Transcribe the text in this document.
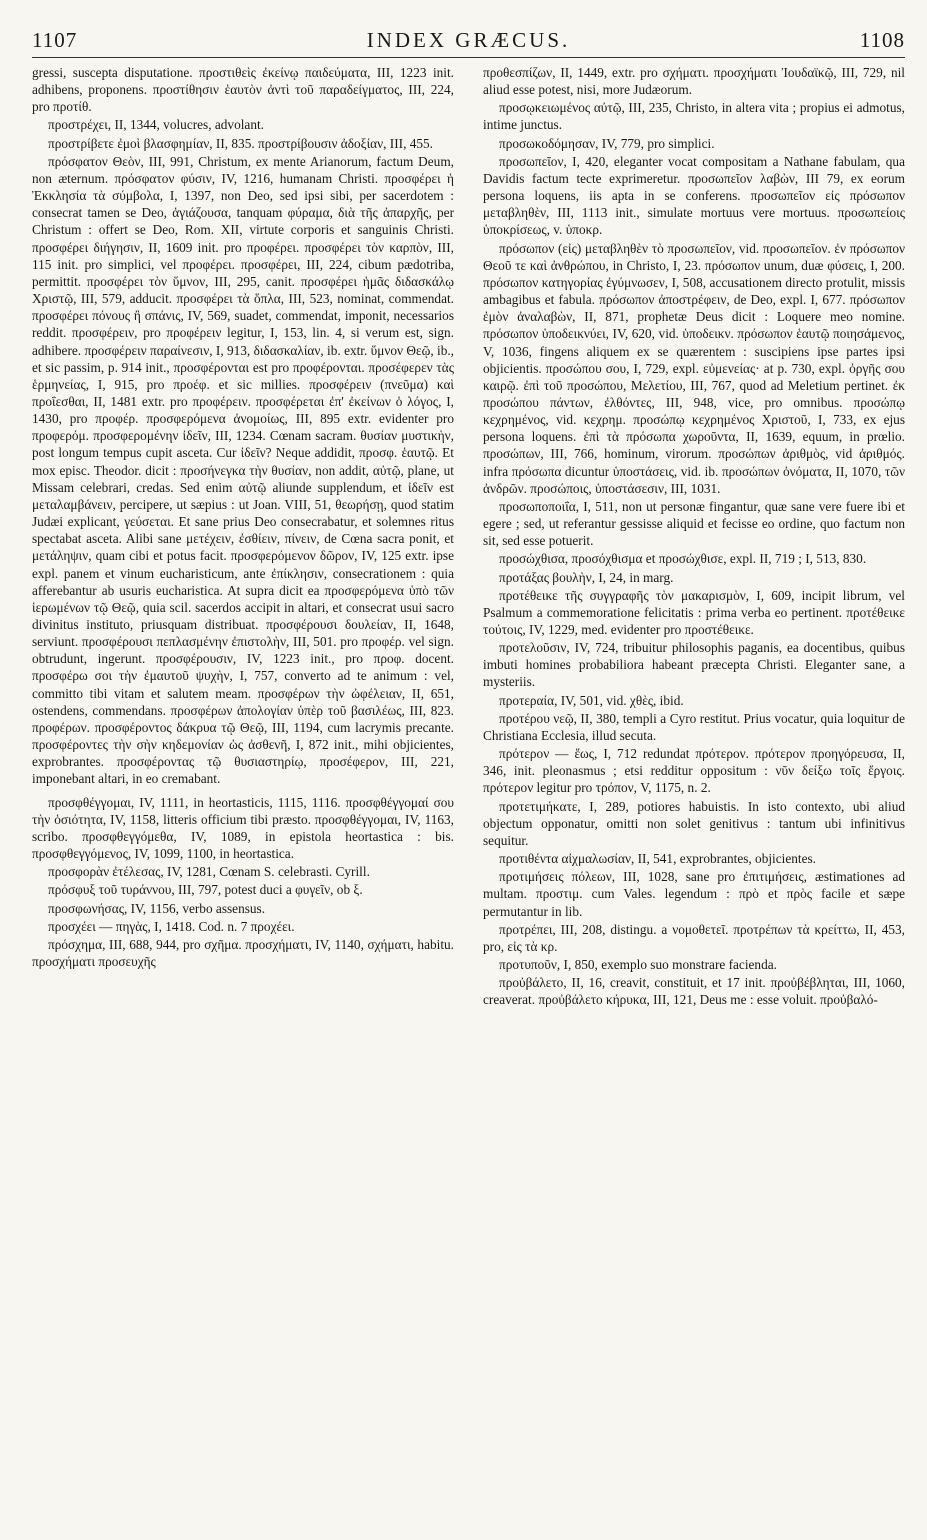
1107	INDEX GRÆCUS.	1108

gressi, suscepta disputatione. προστιθεὶς ἐκείνῳ παιδεύματα, III, 1223 init. adhibens, proponens. προστίθησιν ἑαυτὸν ἀντὶ τοῦ παραδείγματος, III, 224, pro προτίθ.

προστρέχει, II, 1344, volucres, advolant.

προστρίβετε ἐμοὶ βλασφημίαν, II, 835. προστρίβουσιν ἀδοξίαν, III, 455.

πρόσφατον Θεὸν, III, 991, Christum, ex mente Arianorum, factum Deum, non æternum. πρόσφατον φύσιν, IV, 1216, humanam Christi. προσφέρει ἡ Ἐκκλησία τὰ σύμβολα, I, 1397, non Deo, sed ipsi sibi, per sacerdotem : consecrat tamen se Deo, ἁγιάζουσα, tanquam φύραμα, διὰ τῆς ἀπαρχῆς, per Christum : offert se Deo, Rom. XII, virtute corporis et sanguinis Christi. προσφέρει διήγησιν, II, 1609 init. pro προφέρει. προσφέρει τὸν καρπὸν, III, 115 init. pro simplici, vel προφέρει. προσφέρει, III, 224, cibum pædotriba, permittit. προσφέρει τὸν ὕμνον, III, 295, canit. προσφέρει ἡμᾶς διδασκάλῳ Χριστῷ, III, 579, adducit. προσφέρει τὰ ὅπλα, III, 523, nominat, commendat. προσφέρει πόνους ἢ σπάνις, IV, 569, suadet, commendat, imponit, necessarios reddit. προσφέρειν, pro προφέρειν legitur, I, 153, lin. 4, si verum est, sign. adhibere. προσφέρειν παραίνεσιν, I, 913, διδασκαλίαν, ib. extr. ὕμνον Θεῷ, ib., et sic passim, p. 914 init., προσφέρονται est pro προφέρονται. προσέφερεν τὰς ἑρμηνείας, I, 915, pro προέφ. et sic millies. προσφέρειν (πνεῦμα) καὶ προΐεσθαι, II, 1481 extr. pro προφέρειν. προσφέρεται ἐπ' ἐκείνων ὁ λόγος, I, 1430, pro προφέρ. προσφερόμενα ἀνομοίως, III, 895 extr. evidenter pro προφερόμ. προσφερομένην ἰδεῖν, III, 1234. Cœnam sacram. θυσίαν μυστικὴν, post longum tempus cupit asceta. Cur ἰδεῖν? Neque addidit, προσφ. ἑαυτῷ. Et mox episc. Theodor. dicit : προσήνεγκα τὴν θυσίαν, non addit, αὐτῷ, plane, ut Missam celebrari, credas. Sed enim αὐτῷ aliunde supplendum, et ἰδεῖν est μεταλαμβάνειν, percipere, ut sæpius : ut Joan. VIII, 51, θεωρήσῃ, quod statim Judæi explicant, γεύσεται. Et sane prius Deo consecrabatur, et solemnes ritus spectabat asceta. Alibi sane μετέχειν, ἐσθίειν, πίνειν, de Cœna sacra ponit, et μετάληψιν, quam cibi et potus facit. προσφερόμενον δῶρον, IV, 125 extr. ipse expl. panem et vinum eucharisticum, ante ἐπίκλησιν, consecrationem : quia afferebantur ab usuris eucharistica. At supra dicit ea προσφερόμενα ὑπὸ τῶν ἱερωμένων τῷ Θεῷ, quia scil. sacerdos accipit in altari, et consecrat usui sacro divinitus instituto, priusquam distribuat. προσφέρουσι δουλείαν, II, 1648, serviunt. προσφέρουσι πεπλασμένην ἐπιστολὴν, III, 501. pro προφέρ. vel sign. obtrudunt, ingerunt. προσφέρουσιν, IV, 1223 init., pro προφ. docent. προσφέρω σοι τὴν ἐμαυτοῦ ψυχὴν, I, 757, converto ad te animum : vel, committo tibi vitam et salutem meam. προσφέρων τὴν ὠφέλειαν, II, 651, ostendens, commendans. προσφέρων ἀπολογίαν ὑπὲρ τοῦ βασιλέως, III, 823. προφέρων. προσφέροντος δάκρυα τῷ Θεῷ, III, 1194, cum lacrymis precante. προσφέροντες τὴν σὴν κηδεμονίαν ὡς ἀσθενῆ, I, 872 init., mihi objicientes, exprobrantes. προσφέροντας τῷ θυσιαστηρίῳ, προσέφερον, III, 221, imponebant altari, in eo cremabant.

προσφθέγγομαι, IV, 1111, in heortasticis, 1115, 1116. προσφθέγγομαί σου τὴν ὁσιότητα, IV, 1158, litteris officium tibi præsto. προσφθέγγομαι, IV, 1163, scribo. προσφθεγγόμεθα, IV, 1089, in epistola heortastica : bis. προσφθεγγόμενος, IV, 1099, 1100, in heortastica.

προσφορὰν ἐτέλεσας, IV, 1281, Cœnam S. celebrasti. Cyrill.

πρόσφυξ τοῦ τυράννου, III, 797, potest duci a φυγεῖν, ob ξ.

προσφωνήσας, IV, 1156, verbo assensus.

προσχέει — πηγὰς, I, 1418. Cod. n. 7 προχέει.

πρόσχημα, III, 688, 944, pro σχῆμα. προσχήματι, IV, 1140, σχήματι, habitu. προσχήματι προσευχῆς

προθεσπίζων, II, 1449, extr. pro σχήματι. προσχήματι Ἰουδαϊκῷ, III, 729, nil aliud esse potest, nisi, more Judæorum.

προσῳκειωμένος αὐτῷ, III, 235, Christo, in altera vita ; propius ei admotus, intime junctus.

προσωκοδόμησαν, IV, 779, pro simplici.

προσωπεῖον, I, 420, eleganter vocat compositam a Nathane fabulam, qua Davidis factum tecte exprimeretur. προσωπεῖον λαβὼν, III 79, ex eorum persona loquens, iis apta in se conferens. προσωπεῖον εἰς πρόσωπον μεταβληθὲν, III, 1113 init., simulate mortuus vere mortuus. προσωπείοις ὑποκρίσεως, v. ὑποκρ.

πρόσωπον (εἰς) μεταβληθὲν τὸ προσωπεῖον, vid. προσωπεῖον. ἐν πρόσωπον Θεοῦ τε καὶ ἀνθρώπου, in Christo, I, 23. πρόσωπον unum, duæ φύσεις, I, 200. πρόσωπον κατηγορίας ἐγύμνωσεν, I, 508, accusationem directo protulit, missis ambagibus et fabula. πρόσωπον ἀποστρέφειν, de Deo, expl. I, 677. πρόσωπον ἐμὸν ἀναλαβὼν, II, 871, prophetæ Deus dicit : Loquere meo nomine. πρόσωπον ὑποδεικνύει, IV, 620, vid. ὑποδεικν. πρόσωπον ἑαυτῷ ποιησάμενος, V, 1036, fingens aliquem ex se quærentem : suscipiens ipse partes ipsi objicientis. προσώπου σου, I, 729, expl. εὐμενείας· at p. 730, expl. ὀργῆς σου καιρῷ. ἐπὶ τοῦ προσώπου, Μελετίου, III, 767, quod ad Meletium pertinet. ἐκ προσώπου πάντων, ἐλθόντες, III, 948, vice, pro omnibus. προσώπῳ κεχρημένος, vid. κεχρημ. προσώπῳ κεχρημένος Χριστοῦ, I, 733, ex ejus persona loquens. ἐπὶ τὰ πρόσωπα χωροῦντα, II, 1639, equum, in prœlio. προσώπων, III, 766, hominum, virorum. προσώπων ἀριθμὸς, vid ἀριθμός. infra πρόσωπα dicuntur ὑποστάσεις, vid. ib. προσώπων ὀνόματα, II, 1070, τῶν ἀνδρῶν. προσώποις, ὑποστάσεσιν, III, 1031.

προσωποποιΐα, I, 511, non ut personæ fingantur, quæ sane vere fuere ibi et egere ; sed, ut referantur gessisse aliquid et fecisse eo ordine, quo factum non sit, sed esse potuerit.

προσώχθισα, προσόχθισμα et προσώχθισε, expl. II, 719 ; I, 513, 830.

προτάξας βουλὴν, I, 24, in marg.

προτέθεικε τῆς συγγραφῆς τὸν μακαρισμὸν, I, 609, incipit librum, vel Psalmum a commemoratione felicitatis : prima verba eo pertinent. προτέθεικε τούτοις, IV, 1229, med. evidenter pro προστέθεικε.

προτελοῦσιν, IV, 724, tribuitur philosophis paganis, ea docentibus, quibus imbuti homines probabiliora habeant præcepta Christi. Eleganter sane, a mysteriis.

προτεραία, IV, 501, vid. χθὲς, ibid.

προτέρου νεῷ, II, 380, templi a Cyro restitut. Prius vocatur, quia loquitur de Christiana Ecclesia, illud secuta.

πρότερον — ἕως, I, 712 redundat πρότερον. πρότερον προηγόρευσα, II, 346, init. pleonasmus ; etsi redditur oppositum : νῦν δείξω τοῖς ἔργοις. πρότερον legitur pro τρόπον, V, 1175, n. 2.

προτετιμήκατε, I, 289, potiores habuistis. In isto contexto, ubi aliud objectum opponatur, omitti non solet genitivus : tantum ubi infinitivus sequitur.

προτιθέντα αἰχμαλωσίαν, II, 541, exprobrantes, objicientes.

προτιμήσεις πόλεων, III, 1028, sane pro ἐπιτιμήσεις, æstimationes ad multam. προστιμ. cum Vales. legendum : πρὸ et πρὸς facile et sæpe permutantur in lib.

προτρέπει, III, 208, distingu. a νομοθετεῖ. προτρέπων τὰ κρείττω, II, 453, pro, εἰς τὰ κρ.

προτυποῦν, I, 850, exemplo suo monstrare facienda.

προὐβάλετο, II, 16, creavit, constituit, et 17 init. προὐβέβληται, III, 1060, creaverat. προὐβάλετο κήρυκα, III, 121, Deus me : esse voluit. προὐβαλό-
